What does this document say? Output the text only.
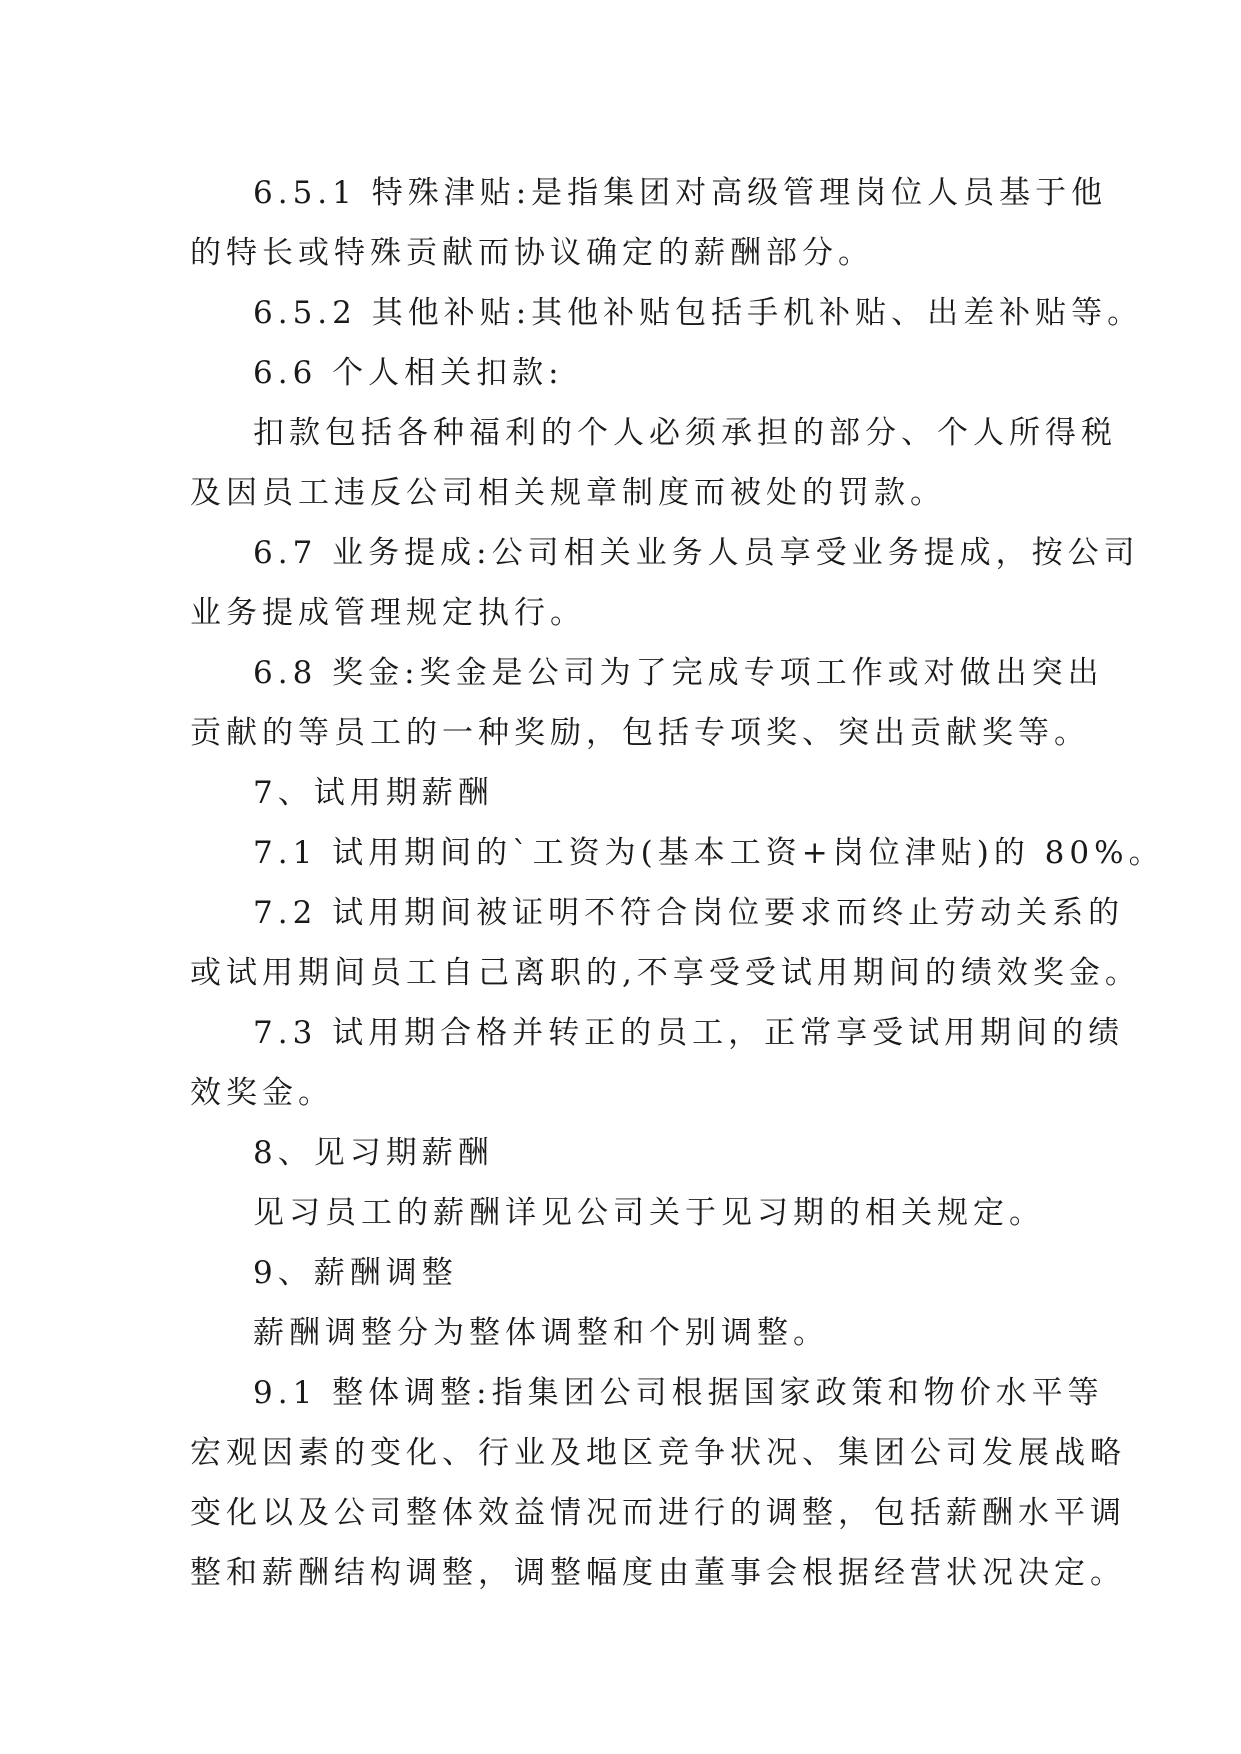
6.5.1 特殊津贴:是指集团对高级管理岗位人员基于他
的特长或特殊贡献而协议确定的薪酬部分。
6.5.2 其他补贴:其他补贴包括手机补贴、出差补贴等。
6.6 个人相关扣款:
扣款包括各种福利的个人必须承担的部分、个人所得税
及因员工违反公司相关规章制度而被处的罚款。
6.7 业务提成:公司相关业务人员享受业务提成，按公司
业务提成管理规定执行。
6.8 奖金:奖金是公司为了完成专项工作或对做出突出
贡献的等员工的一种奖励，包括专项奖、突出贡献奖等。
7、试用期薪酬
7.1 试用期间的`工资为(基本工资+岗位津贴)的 80%。
7.2 试用期间被证明不符合岗位要求而终止劳动关系的
或试用期间员工自己离职的,不享受受试用期间的绩效奖金。
7.3 试用期合格并转正的员工，正常享受试用期间的绩
效奖金。
8、见习期薪酬
见习员工的薪酬详见公司关于见习期的相关规定。
9、薪酬调整
薪酬调整分为整体调整和个别调整。
9.1 整体调整:指集团公司根据国家政策和物价水平等
宏观因素的变化、行业及地区竞争状况、集团公司发展战略
变化以及公司整体效益情况而进行的调整，包括薪酬水平调
整和薪酬结构调整，调整幅度由董事会根据经营状况决定。
